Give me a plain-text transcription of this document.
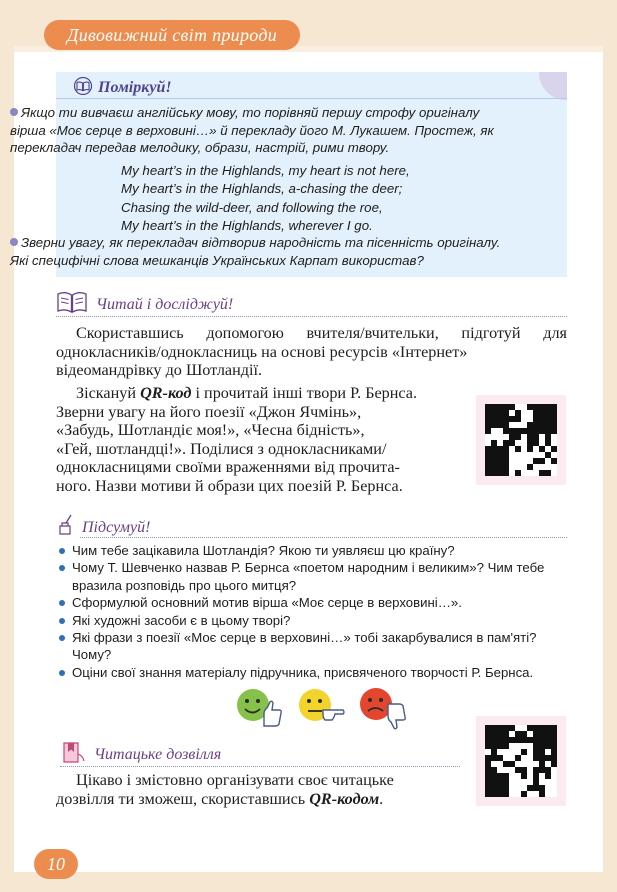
Дивовижний світ природи
Поміркуй!
Якщо ти вивчаєш англійську мову, то порівняй першу строфу оригіналу
вірша «Моє серце в верховині…» й перекладу його М. Лукашем. Простеж, як
перекладач передав мелодику, образи, настрій, рими твору.
My heart’s in the Highlands, my heart is not here,
My heart’s in the Highlands, a-chasing the deer;
Chasing the wild-deer, and following the roe,
My heart’s in the Highlands, wherever I go.
Зверни увагу, як перекладач відтворив народність та пісенність оригіналу.
Які специфічні слова мешканців Українських Карпат використав?
Читай і досліджуй!
Скориставшись допомогою вчителя/вчительки, підготуй для
однокласників/однокласниць на основі ресурсів «Інтернет»
відеомандрівку до Шотландії.
Зіскануй QR-код і прочитай інші твори Р. Бернса.
Зверни увагу на його поезії «Джон Ячмінь»,
«Забудь, Шотландіє моя!», «Чесна бідність»,
«Гей, шотландці!». Поділися з однокласниками/
однокласницями своїми враженнями від прочита-
ного. Назви мотиви й образи цих поезій Р. Бернса.
Підсумуй!
Чим тебе зацікавила Шотландія? Якою ти уявляєш цю країну?
Чому Т. Шевченко назвав Р. Бернса «поетом народним і великим»? Чим тебе вразила розповідь про цього митця?
Сформулюй основний мотив вірша «Моє серце в верховині…».
Які художні засоби є в цьому творі?
Які фрази з поезії «Моє серце в верховині…» тобі закарбувалися в пам'яті? Чому?
Оціни свої знання матеріалу підручника, присвяченого творчості Р. Бернса.
Читацьке дозвілля
Цікаво і змістовно організувати своє читацьке
дозвілля ти зможеш, скориставшись QR-кодом.
10
